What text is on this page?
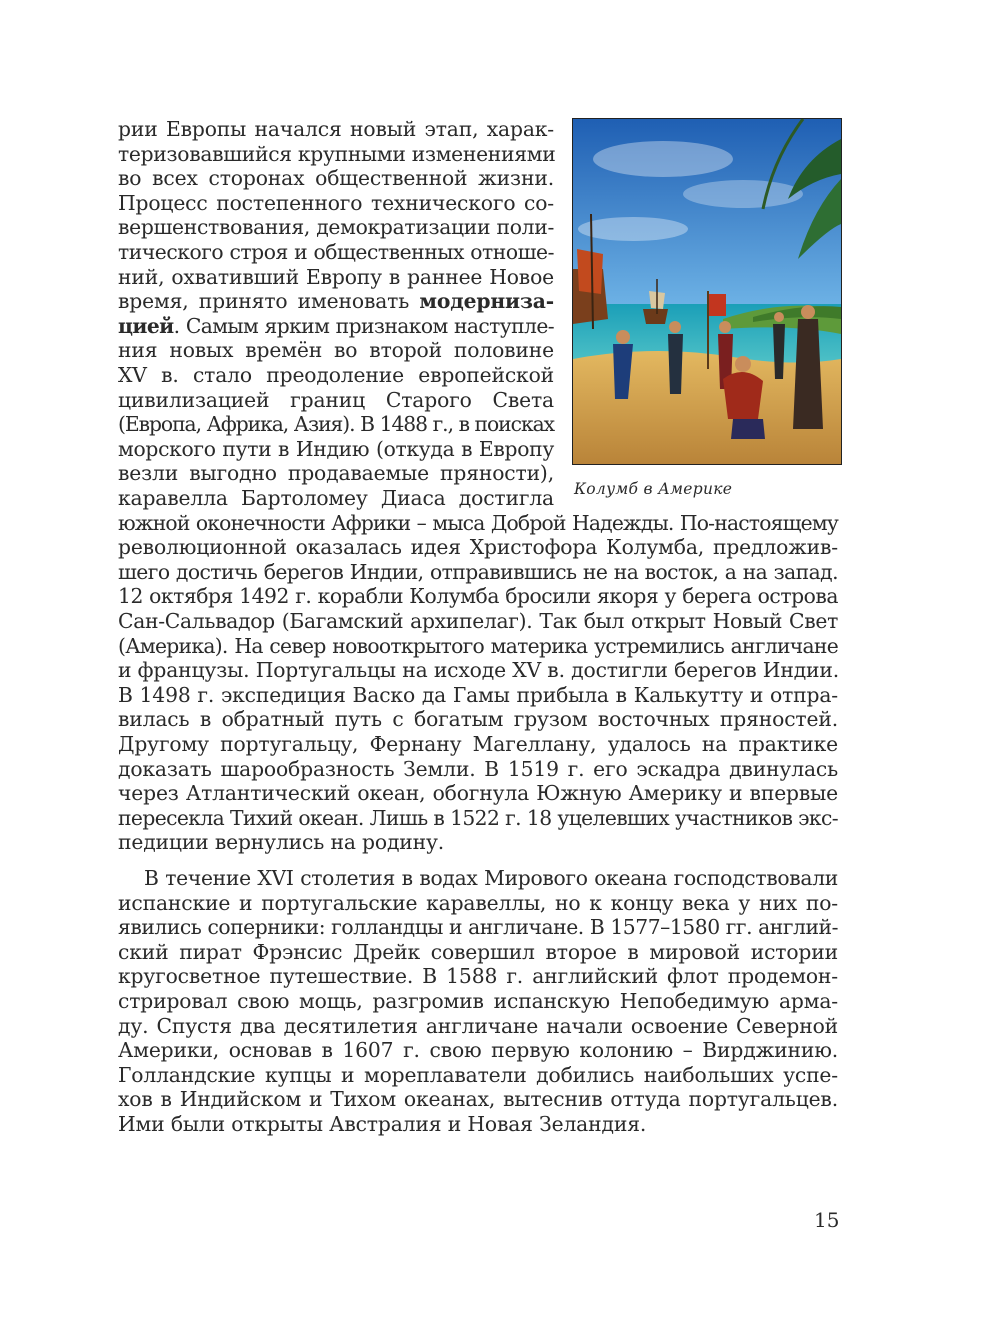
Колумб в Америке
рии Европы начался новый этап, харак-
теризовавшийся крупными изменениями
во всех сторонах общественной жизни.
Процесс постепенного технического со-
вершенствования, демократизации поли-
тического строя и общественных отноше-
ний, охвативший Европу в раннее Новое
время, принято именовать модерниза-
цией. Самым ярким признаком наступле-
ния новых времён во второй половине
XV в. стало преодоление европейской
цивилизацией границ Старого Света
(Европа, Африка, Азия). В 1488 г., в поисках
морского пути в Индию (откуда в Европу
везли выгодно продаваемые пряности),
каравелла Бартоломеу Диаса достигла
южной оконечности Африки – мыса Доброй Надежды. По-настоящему
революционной оказалась идея Христофора Колумба, предложив-
шего достичь берегов Индии, отправившись не на восток, а на запад.
12 октября 1492 г. корабли Колумба бросили якоря у берега острова
Сан-Сальвадор (Багамский архипелаг). Так был открыт Новый Свет
(Америка). На север новооткрытого материка устремились англичане
и французы. Португальцы на исходе XV в. достигли берегов Индии.
В 1498 г. экспедиция Васко да Гамы прибыла в Калькутту и отпра-
вилась в обратный путь с богатым грузом восточных пряностей.
Другому португальцу, Фернану Магеллану, удалось на практике
доказать шарообразность Земли. В 1519 г. его эскадра двинулась
через Атлантический океан, обогнула Южную Америку и впервые
пересекла Тихий океан. Лишь в 1522 г. 18 уцелевших участников экс-
педиции вернулись на родину.
В течение XVI столетия в водах Мирового океана господствовали
испанские и португальские каравеллы, но к концу века у них по-
явились соперники: голландцы и англичане. В 1577–1580 гг. англий-
ский пират Фрэнсис Дрейк совершил второе в мировой истории
кругосветное путешествие. В 1588 г. английский флот продемон-
стрировал свою мощь, разгромив испанскую Непобедимую арма-
ду. Спустя два десятилетия англичане начали освоение Северной
Америки, основав в 1607 г. свою первую колонию – Вирджинию.
Голландские купцы и мореплаватели добились наибольших успе-
хов в Индийском и Тихом океанах, вытеснив оттуда португальцев.
Ими были открыты Австралия и Новая Зеландия.
15
